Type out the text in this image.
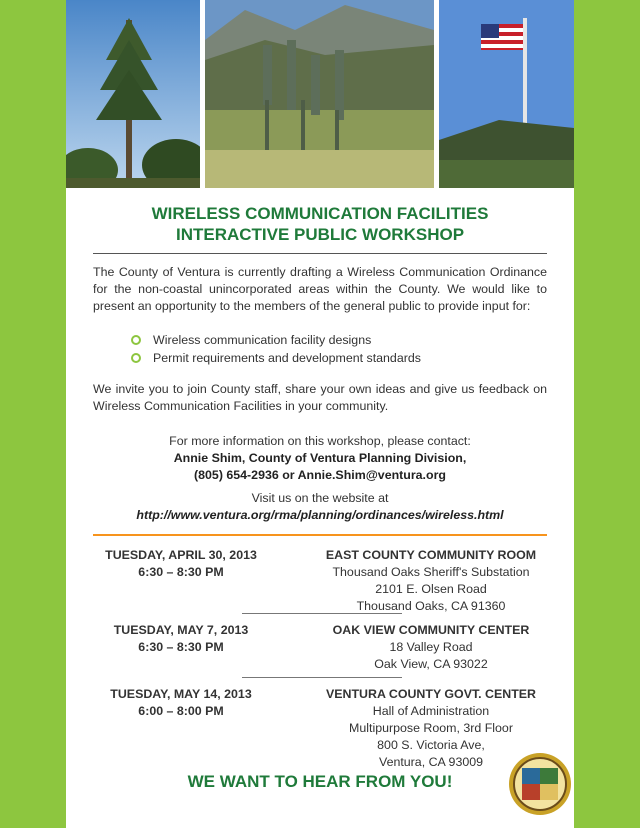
WIRELESS COMMUNICATION FACILITIES
INTERACTIVE PUBLIC WORKSHOP
The County of Ventura is currently drafting a Wireless Communication Ordinance for the non-coastal unincorporated areas within the County. We would like to present an opportunity to the members of the general public to provide input for:
Wireless communication facility designs
Permit requirements and development standards
We invite you to join County staff, share your own ideas and give us feedback on Wireless Communication Facilities in your community.
For more information on this workshop, please contact:
Annie Shim, County of Ventura Planning Division,
(805) 654-2936 or Annie.Shim@ventura.org
Visit us on the website at
http://www.ventura.org/rma/planning/ordinances/wireless.html
TUESDAY, APRIL 30, 2013
6:30 – 8:30 PM
EAST COUNTY COMMUNITY ROOM
Thousand Oaks Sheriff's Substation
2101 E. Olsen Road
Thousand Oaks, CA 91360
TUESDAY, MAY 7, 2013
6:30 – 8:30 PM
OAK VIEW COMMUNITY CENTER
18 Valley Road
Oak View, CA 93022
TUESDAY, MAY 14, 2013
6:00 – 8:00 PM
VENTURA COUNTY GOVT. CENTER
Hall of Administration
Multipurpose Room, 3rd Floor
800 S. Victoria Ave,
Ventura, CA 93009
WE WANT TO HEAR FROM YOU!
